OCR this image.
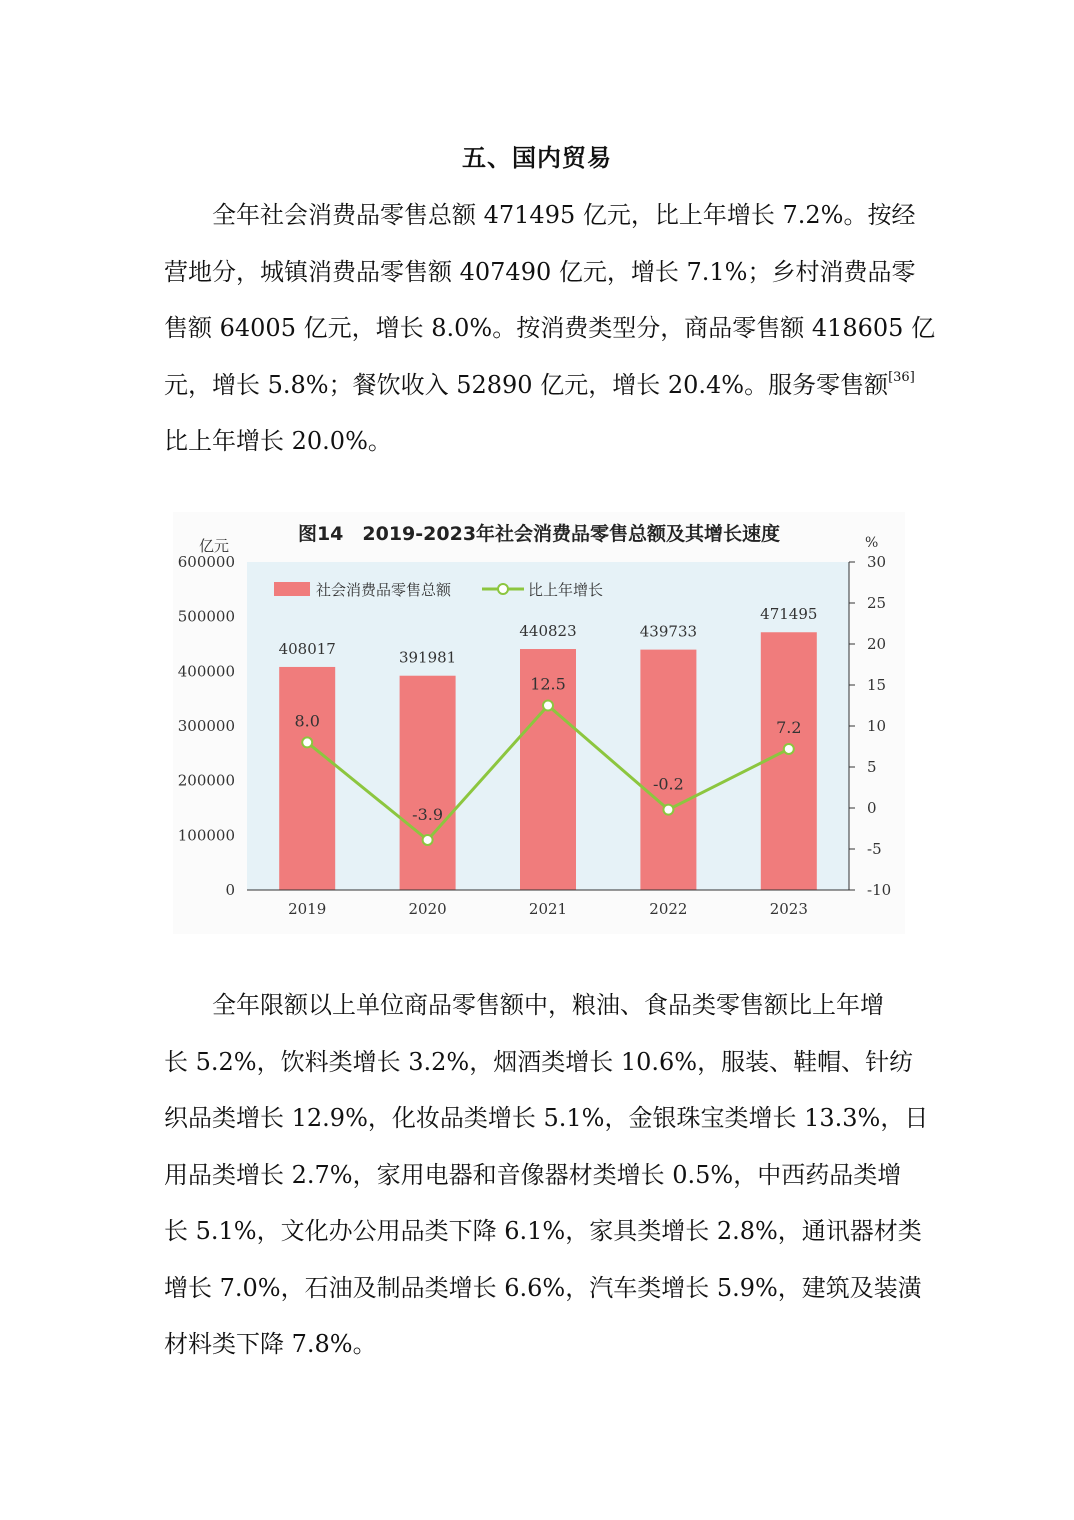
五、国内贸易

全年社会消费品零售总额 471495 亿元，比上年增长 7.2%。按经
营地分，城镇消费品零售额 407490 亿元，增长 7.1%；乡村消费品零
售额 64005 亿元，增长 8.0%。按消费类型分，商品零售额 418605 亿
元，增长 5.8%；餐饮收入 52890 亿元，增长 20.4%。服务零售额[36]
比上年增长 20.0%。

408017	391981
440823	439733
471495
0
100000
200000
300000
400000
500000
600000
-10
-5
0
5
10
15
20
25
30
2019	2020	2021	2022	2023
8.0
-3.9
12.5
-0.2
7.2
社会消费品零售总额	比上年增长
图14　2019-2023年社会消费品零售总额及其增长速度
亿元	%

全年限额以上单位商品零售额中，粮油、食品类零售额比上年增
长 5.2%，饮料类增长 3.2%，烟酒类增长 10.6%，服装、鞋帽、针纺
织品类增长 12.9%，化妆品类增长 5.1%，金银珠宝类增长 13.3%，日
用品类增长 2.7%，家用电器和音像器材类增长 0.5%，中西药品类增
长 5.1%，文化办公用品类下降 6.1%，家具类增长 2.8%，通讯器材类
增长 7.0%，石油及制品类增长 6.6%，汽车类增长 5.9%，建筑及装潢
材料类下降 7.8%。
